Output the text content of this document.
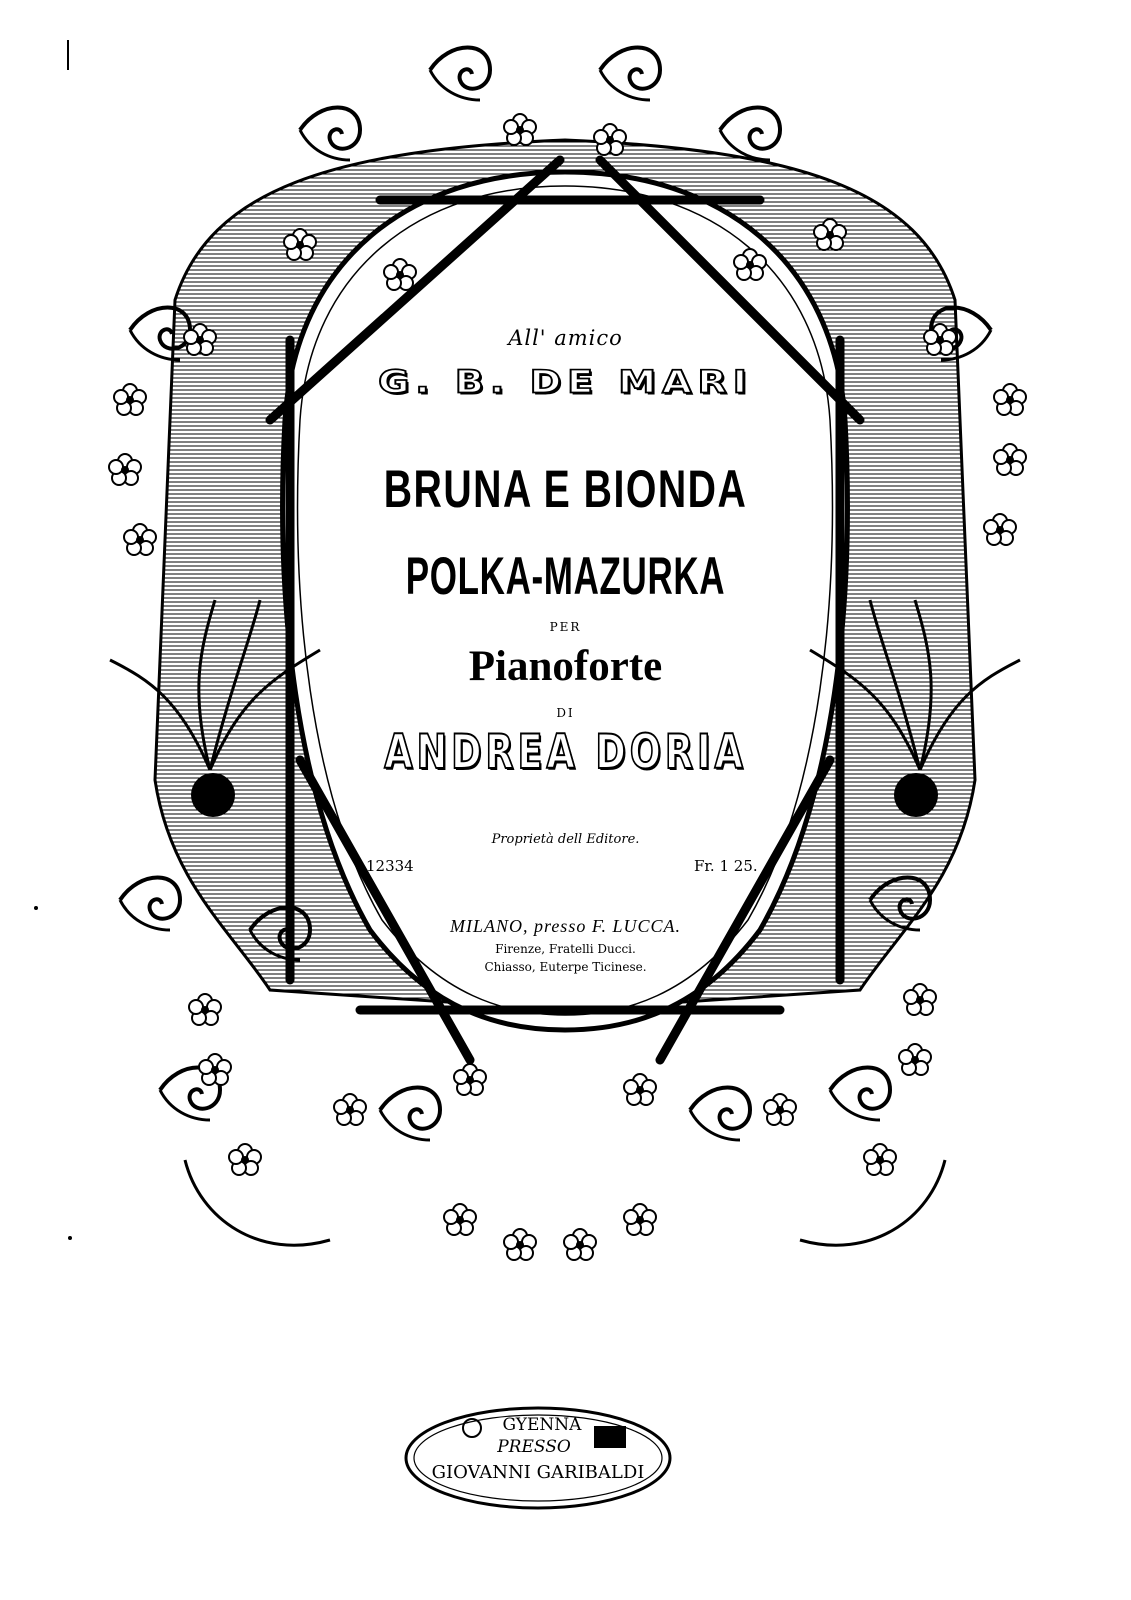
All' amico
G. B. DE MARI
BRUNA E BIONDA
POLKA-MAZURKA
PER
Pianoforte
DI
ANDREA DORIA
Proprietà dell Editore.
12334	Fr. 1 25.
MILANO, presso F. LUCCA.
Firenze, Fratelli Ducci.
Chiasso, Euterpe Ticinese.
GYENNA
PRESSO
GIOVANNI GARIBALDI
